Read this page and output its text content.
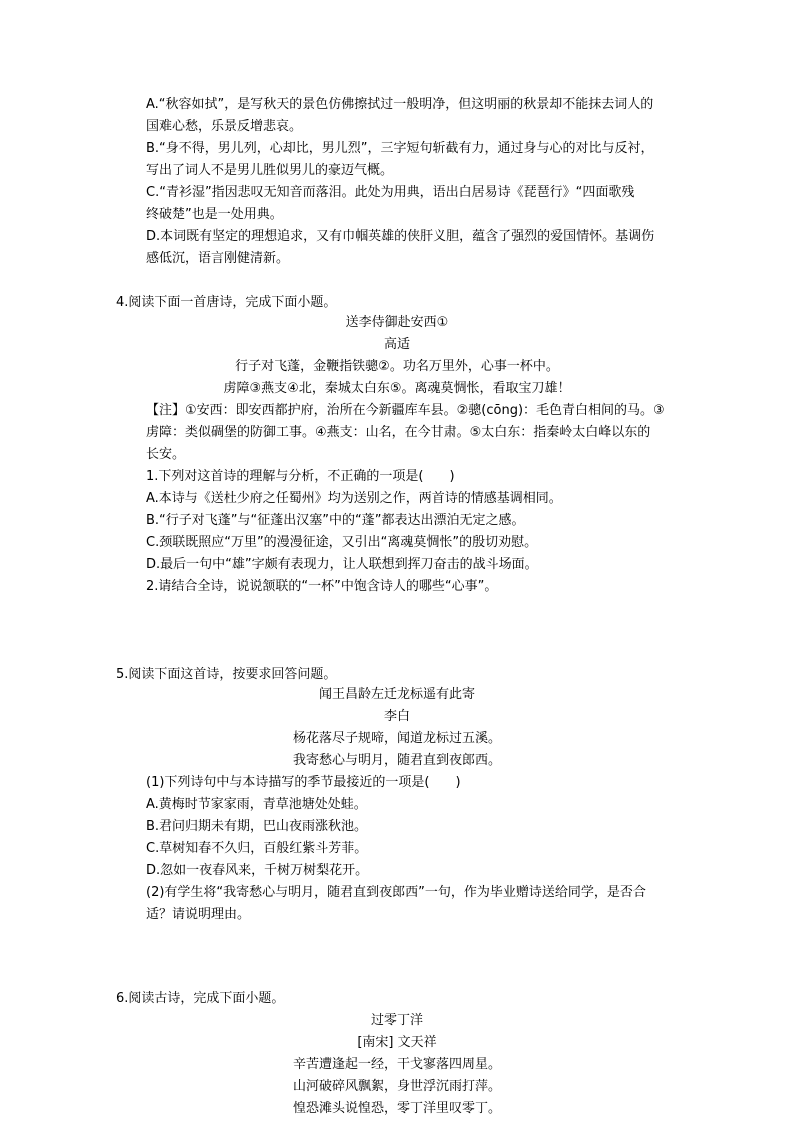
A.“秋容如拭”，是写秋天的景色仿佛擦拭过一般明净，但这明丽的秋景却不能抹去词人的
国难心愁，乐景反增悲哀。
B.“身不得，男儿列，心却比，男儿烈”，三字短句斩截有力，通过身与心的对比与反衬，
写出了词人不是男儿胜似男儿的豪迈气概。
C.“青衫湿”指因悲叹无知音而落泪。此处为用典，语出白居易诗《琵琶行》“四面歌残
终破楚”也是一处用典。
D.本词既有坚定的理想追求，又有巾帼英雄的侠肝义胆，蕴含了强烈的爱国情怀。基调伤
感低沉，语言刚健清新。
4.阅读下面一首唐诗，完成下面小题。
送李侍御赴安西①
高适
行子对飞蓬，金鞭指铁骢②。功名万里外，心事一杯中。
虏障③燕支④北，秦城太白东⑤。离魂莫惆怅，看取宝刀雄！
【注】①安西：即安西都护府，治所在今新疆库车县。②骢(cōng)：毛色青白相间的马。③
虏障：类似碉堡的防御工事。④燕支：山名，在今甘肃。⑤太白东：指秦岭太白峰以东的
长安。
1.下列对这首诗的理解与分析，不正确的一项是(　　)
A.本诗与《送杜少府之任蜀州》均为送别之作，两首诗的情感基调相同。
B.“行子对飞蓬”与“征蓬出汉塞”中的“蓬”都表达出漂泊无定之感。
C.颈联既照应“万里”的漫漫征途，又引出“离魂莫惆怅”的殷切劝慰。
D.最后一句中“雄”字颇有表现力，让人联想到挥刀奋击的战斗场面。
2.请结合全诗，说说颔联的“一杯”中饱含诗人的哪些“心事”。
5.阅读下面这首诗，按要求回答问题。
闻王昌龄左迁龙标遥有此寄
李白
杨花落尽子规啼，闻道龙标过五溪。
我寄愁心与明月，随君直到夜郎西。
(1)下列诗句中与本诗描写的季节最接近的一项是(　　)
A.黄梅时节家家雨，青草池塘处处蛙。
B.君问归期未有期，巴山夜雨涨秋池。
C.草树知春不久归，百般红紫斗芳菲。
D.忽如一夜春风来，千树万树梨花开。
(2)有学生将“我寄愁心与明月，随君直到夜郎西”一句，作为毕业赠诗送给同学，是否合
适？请说明理由。
6.阅读古诗，完成下面小题。
过零丁洋
[南宋] 文天祥
辛苦遭逢起一经，干戈寥落四周星。
山河破碎风飘絮，身世浮沉雨打萍。
惶恐滩头说惶恐，零丁洋里叹零丁。
